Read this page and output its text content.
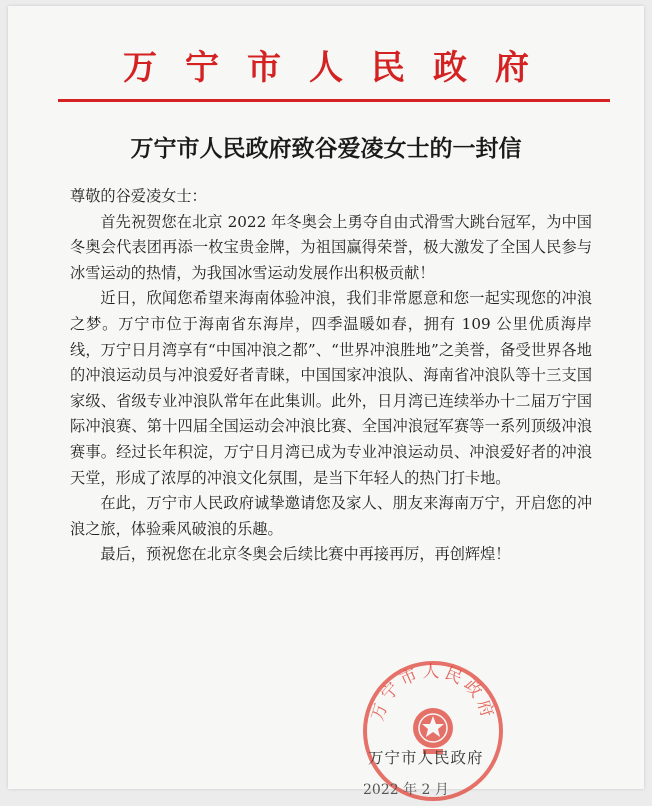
万宁市人民政府
万宁市人民政府致谷爱凌女士的一封信

尊敬的谷爱凌女士：

首先祝贺您在北京 2022 年冬奥会上勇夺自由式滑雪大跳台冠军，为中国冬奥会代表团再添一枚宝贵金牌，为祖国赢得荣誉，极大激发了全国人民参与冰雪运动的热情，为我国冰雪运动发展作出积极贡献！

近日，欣闻您希望来海南体验冲浪，我们非常愿意和您一起实现您的冲浪之梦。万宁市位于海南省东海岸，四季温暖如春，拥有 109 公里优质海岸线，万宁日月湾享有“中国冲浪之都”、“世界冲浪胜地”之美誉，备受世界各地的冲浪运动员与冲浪爱好者青睐，中国国家冲浪队、海南省冲浪队等十三支国家级、省级专业冲浪队常年在此集训。此外，日月湾已连续举办十二届万宁国际冲浪赛、第十四届全国运动会冲浪比赛、全国冲浪冠军赛等一系列顶级冲浪赛事。经过长年积淀，万宁日月湾已成为专业冲浪运动员、冲浪爱好者的冲浪天堂，形成了浓厚的冲浪文化氛围，是当下年轻人的热门打卡地。

在此，万宁市人民政府诚挚邀请您及家人、朋友来海南万宁，开启您的冲浪之旅，体验乘风破浪的乐趣。

最后，预祝您在北京冬奥会后续比赛中再接再厉，再创辉煌！

万宁市人民政府
万宁市人民政府
2022 年 2 月
